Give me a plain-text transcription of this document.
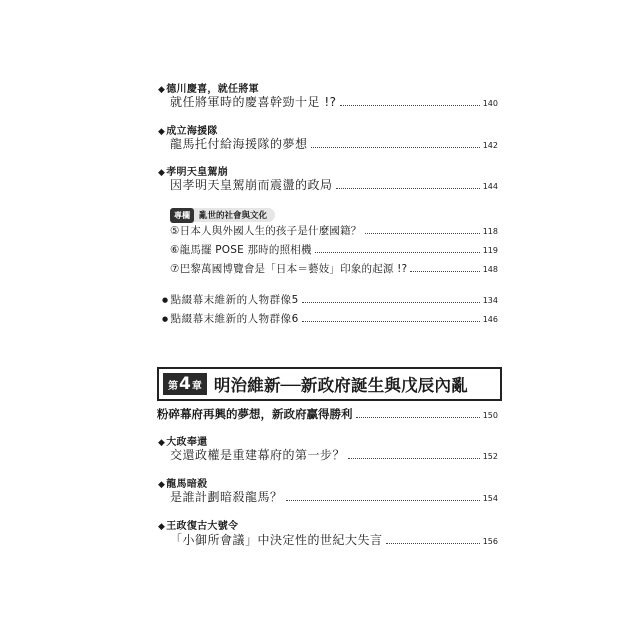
◆ 德川慶喜，就任將軍
就任將軍時的慶喜幹勁十足 !?	140
◆ 成立海援隊
龍馬托付給海援隊的夢想	142
◆ 孝明天皇駕崩
因孝明天皇駕崩而震盪的政局	144
專欄	亂世的社會與文化
⑤日本人與外國人生的孩子是什麼國籍？	118
⑥龍馬擺 POSE 那時的照相機	119
⑦巴黎萬國博覽會是「日本＝藝妓」印象的起源 !?	148
● 點綴幕末維新的人物群像5	134
● 點綴幕末維新的人物群像6	146
第 4 章 明治維新──新政府誕生與戊辰內亂
粉碎幕府再興的夢想，新政府贏得勝利	150
◆ 大政奉還
交還政權是重建幕府的第一步？	152
◆ 龍馬暗殺
是誰計劃暗殺龍馬？	154
◆ 王政復古大號令
「小御所會議」中決定性的世紀大失言	156
